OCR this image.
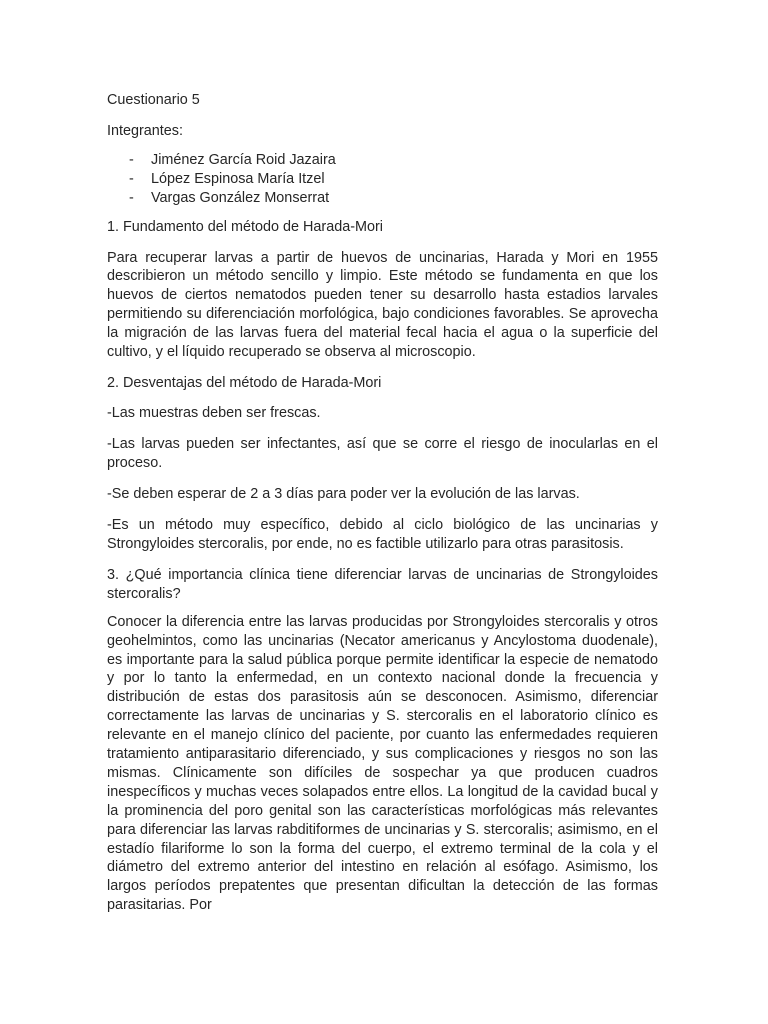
Cuestionario 5

Integrantes:

-	Jiménez García Roid Jazaira
-	López Espinosa María Itzel
-	Vargas González Monserrat

1. Fundamento del método de Harada-Mori

Para recuperar larvas a partir de huevos de uncinarias, Harada y Mori en 1955 describieron un método sencillo y limpio. Este método se fundamenta en que los huevos de ciertos nematodos pueden tener su desarrollo hasta estadios larvales permitiendo su diferenciación morfológica, bajo condiciones favorables. Se aprovecha la migración de las larvas fuera del material fecal hacia el agua o la superficie del cultivo, y el líquido recuperado se observa al microscopio.

2. Desventajas del método de Harada-Mori

-Las muestras deben ser frescas.

-Las larvas pueden ser infectantes, así que se corre el riesgo de inocularlas en el proceso.

-Se deben esperar de 2 a 3 días para poder ver la evolución de las larvas.

-Es un método muy específico, debido al ciclo biológico de las uncinarias y Strongyloides stercoralis, por ende, no es factible utilizarlo para otras parasitosis.

3. ¿Qué importancia clínica tiene diferenciar larvas de uncinarias de Strongyloides stercoralis?

Conocer la diferencia entre las larvas producidas por Strongyloides stercoralis y otros geohelmintos, como las uncinarias (Necator americanus y Ancylostoma duodenale), es importante para la salud pública porque permite identificar la especie de nematodo y por lo tanto la enfermedad, en un contexto nacional donde la frecuencia y distribución de estas dos parasitosis aún se desconocen. Asimismo, diferenciar correctamente las larvas de uncinarias y S. stercoralis en el laboratorio clínico es relevante en el manejo clínico del paciente, por cuanto las enfermedades requieren tratamiento antiparasitario diferenciado, y sus complicaciones y riesgos no son las mismas. Clínicamente son difíciles de sospechar ya que producen cuadros inespecíficos y muchas veces solapados entre ellos. La longitud de la cavidad bucal y la prominencia del poro genital son las características morfológicas más relevantes para diferenciar las larvas rabditiformes de uncinarias y S. stercoralis; asimismo, en el estadío filariforme lo son la forma del cuerpo, el extremo terminal de la cola y el diámetro del extremo anterior del intestino en relación al esófago. Asimismo, los largos períodos prepatentes que presentan dificultan la detección de las formas parasitarias. Por
